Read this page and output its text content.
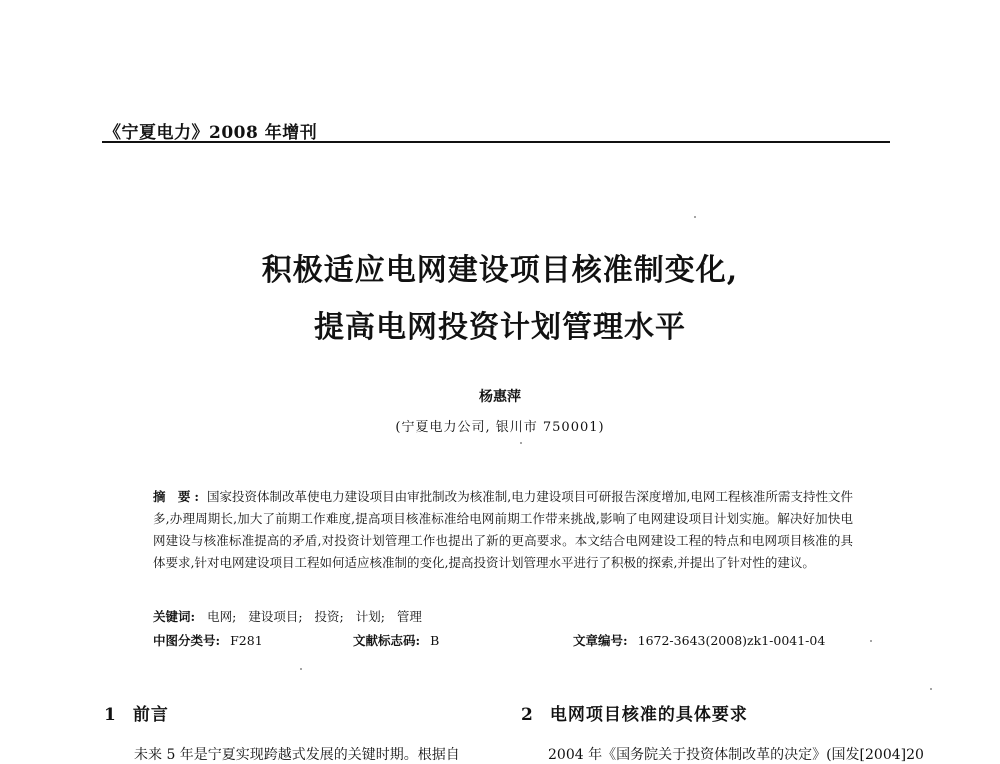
《宁夏电力》2008 年增刊
积极适应电网建设项目核准制变化,
提高电网投资计划管理水平
杨惠萍
(宁夏电力公司, 银川市 750001)
摘 要: 国家投资体制改革使电力建设项目由审批制改为核准制,电力建设项目可研报告深度增加,电网工程核准所需支持性文件多,办理周期长,加大了前期工作难度,提高项目核准标准给电网前期工作带来挑战,影响了电网建设项目计划实施。解决好加快电网建设与核准标准提高的矛盾,对投资计划管理工作也提出了新的更高要求。本文结合电网建设工程的特点和电网项目核准的具体要求,针对电网建设项目工程如何适应核准制的变化,提高投资计划管理水平进行了积极的探索,并提出了针对性的建议。
关键词: 电网; 建设项目; 投资; 计划; 管理
中图分类号: F281	文献标志码: B	文章编号: 1672-3643(2008)zk1-0041-04
1 前言	2 电网项目核准的具体要求
未来 5 年是宁夏实现跨越式发展的关键时期。根据自	2004 年《国务院关于投资体制改革的决定》(国发[2004]20
